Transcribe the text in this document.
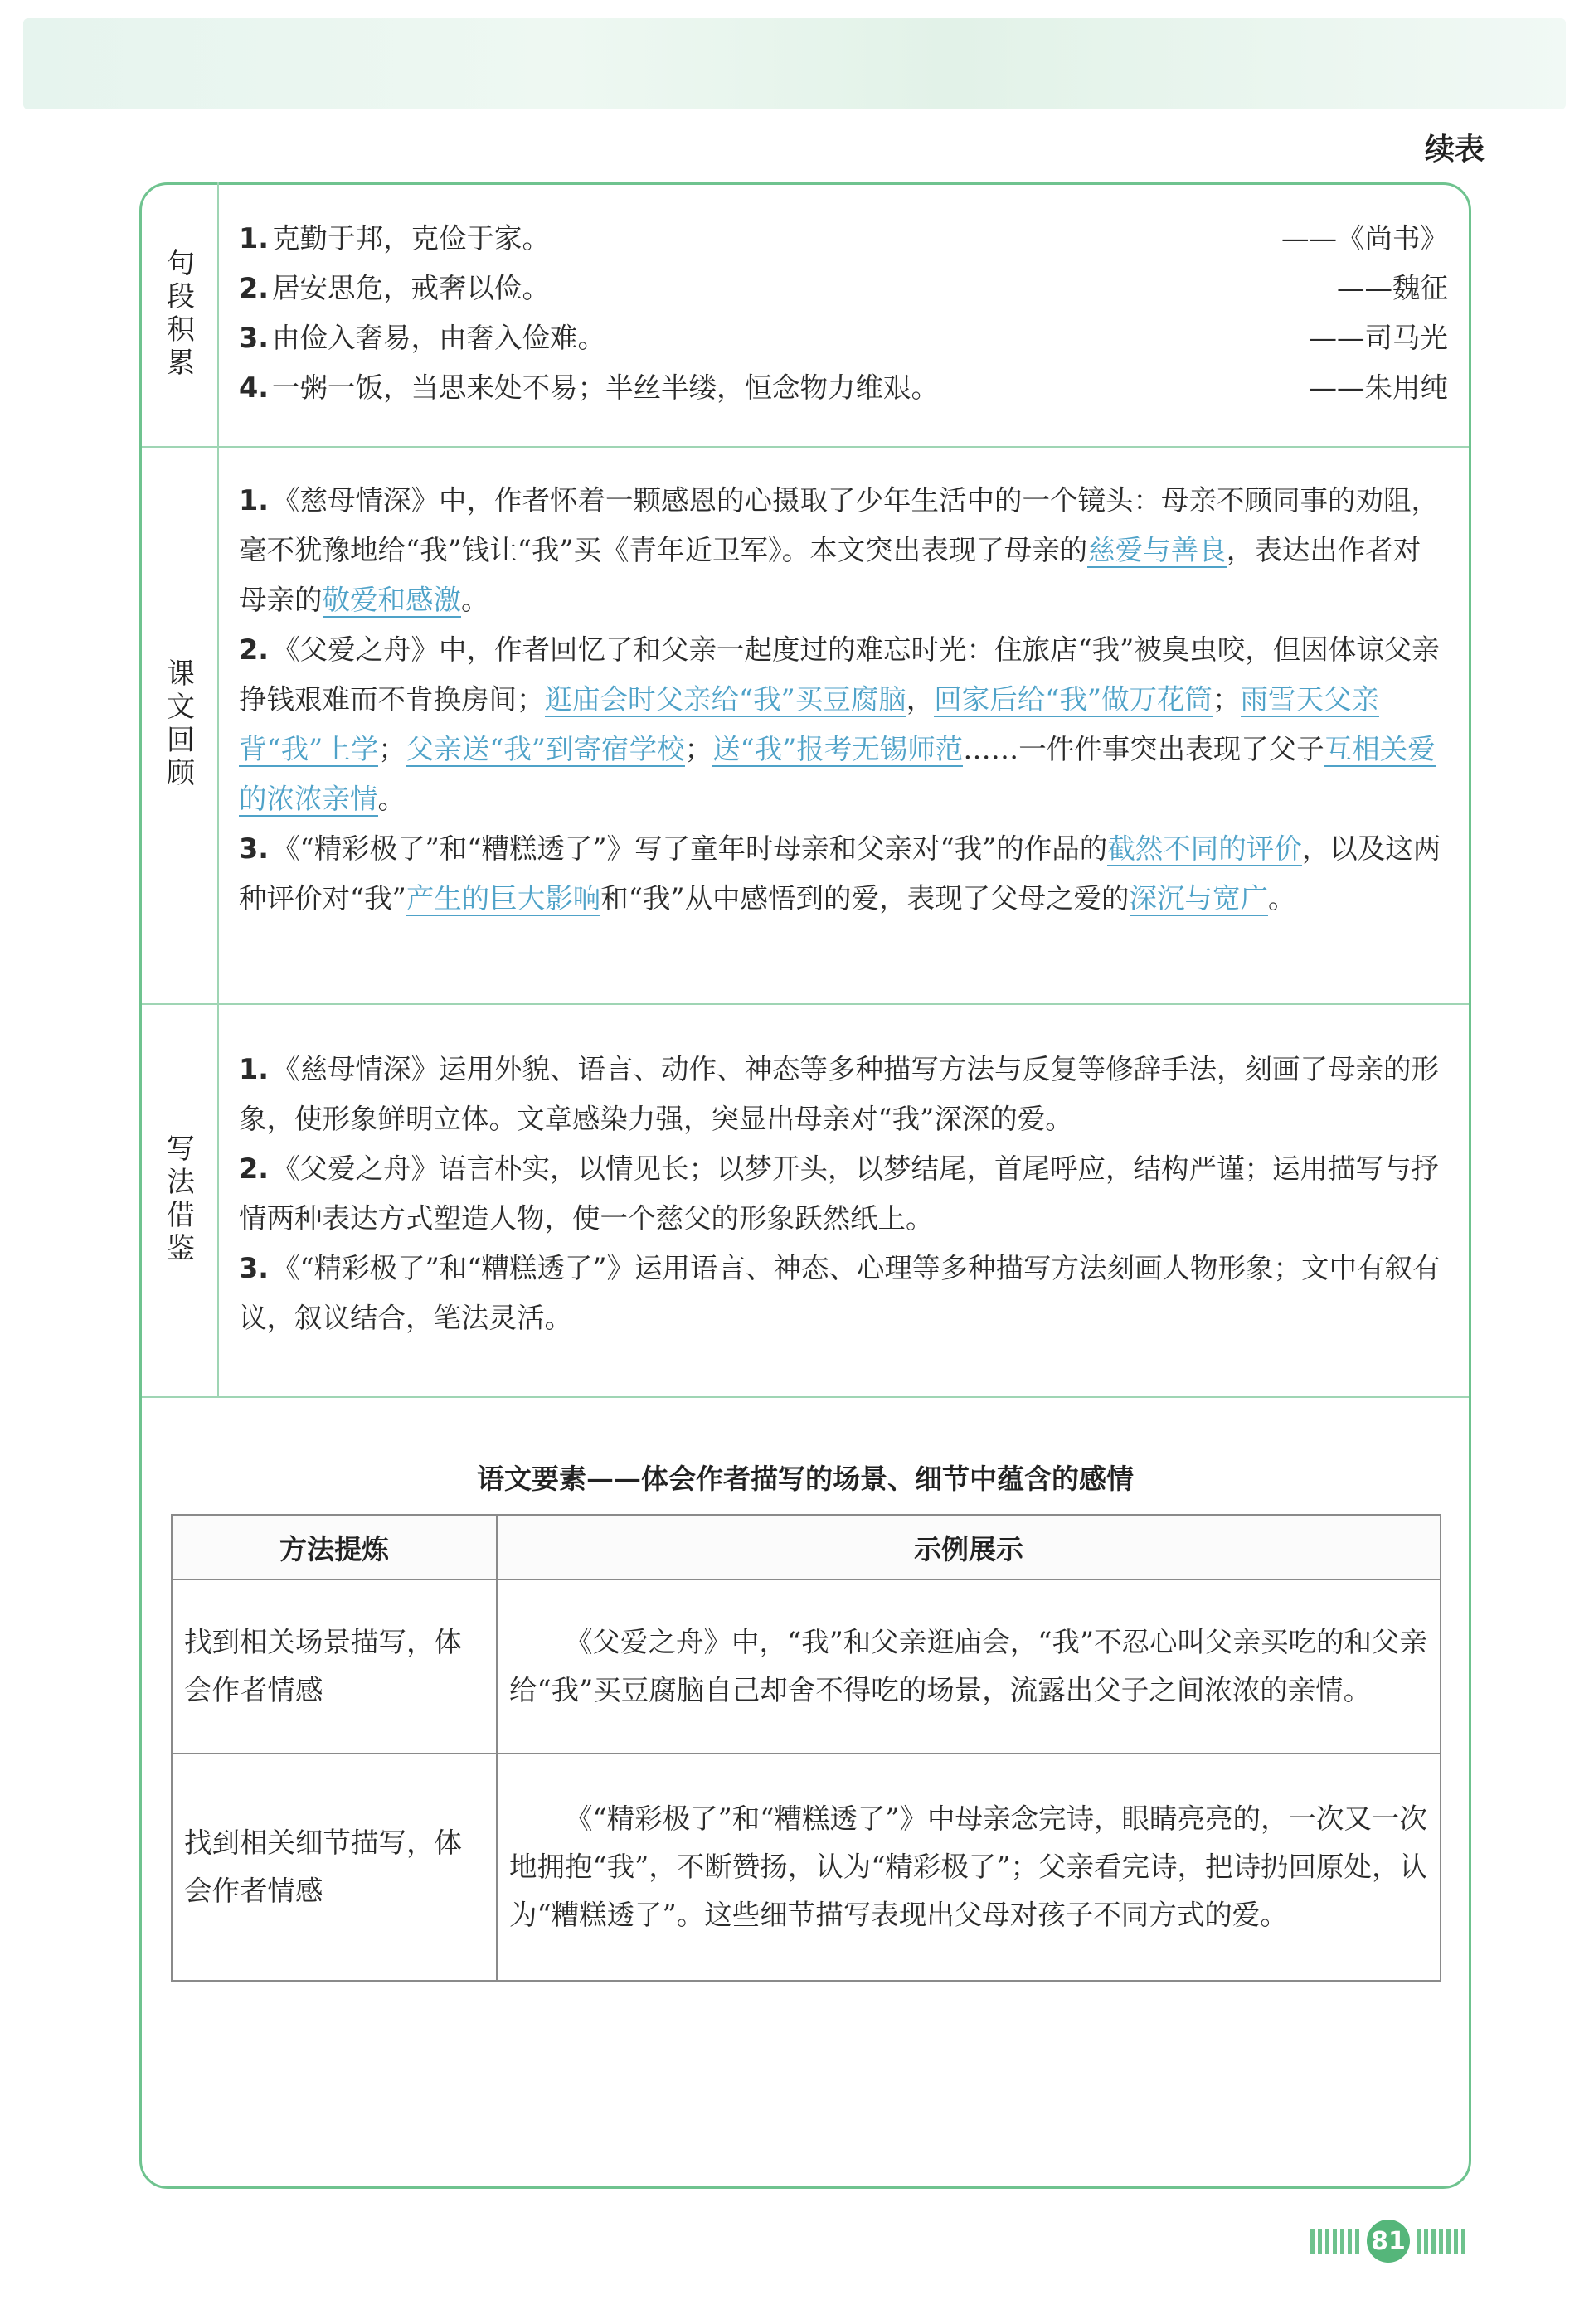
续表
句段积累
1. 克勤于邦，克俭于家。	——《尚书》
2. 居安思危，戒奢以俭。	——魏征
3. 由俭入奢易，由奢入俭难。	——司马光
4. 一粥一饭，当思来处不易；半丝半缕，恒念物力维艰。	——朱用纯
课文回顾

1. 《慈母情深》中，作者怀着一颗感恩的心摄取了少年生活中的一个镜头：母亲不顾同事的劝阻，毫不犹豫地给“我”钱让“我”买《青年近卫军》。本文突出表现了母亲的慈爱与善良，表达出作者对母亲的敬爱和感激。

2. 《父爱之舟》中，作者回忆了和父亲一起度过的难忘时光：住旅店“我”被臭虫咬，但因体谅父亲挣钱艰难而不肯换房间；逛庙会时父亲给“我”买豆腐脑，回家后给“我”做万花筒；雨雪天父亲背“我”上学；父亲送“我”到寄宿学校；送“我”报考无锡师范……一件件事突出表现了父子互相关爱的浓浓亲情。

3. 《“精彩极了”和“糟糕透了”》写了童年时母亲和父亲对“我”的作品的截然不同的评价，以及这两种评价对“我”产生的巨大影响和“我”从中感悟到的爱，表现了父母之爱的深沉与宽广。

写法借鉴

1. 《慈母情深》运用外貌、语言、动作、神态等多种描写方法与反复等修辞手法，刻画了母亲的形象，使形象鲜明立体。文章感染力强，突显出母亲对“我”深深的爱。

2. 《父爱之舟》语言朴实，以情见长；以梦开头，以梦结尾，首尾呼应，结构严谨；运用描写与抒情两种表达方式塑造人物，使一个慈父的形象跃然纸上。

3. 《“精彩极了”和“糟糕透了”》运用语言、神态、心理等多种描写方法刻画人物形象；文中有叙有议，叙议结合，笔法灵活。

语文要素——体会作者描写的场景、细节中蕴含的感情
方法提炼	示例展示
找到相关场景描写，体会作者情感	《父爱之舟》中，“我”和父亲逛庙会，“我”不忍心叫父亲买吃的和父亲给“我”买豆腐脑自己却舍不得吃的场景，流露出父子之间浓浓的亲情。

找到相关细节描写，体会作者情感	《“精彩极了”和“糟糕透了”》中母亲念完诗，眼睛亮亮的，一次又一次地拥抱“我”，不断赞扬，认为“精彩极了”；父亲看完诗，把诗扔回原处，认为“糟糕透了”。这些细节描写表现出父母对孩子不同方式的爱。

81
